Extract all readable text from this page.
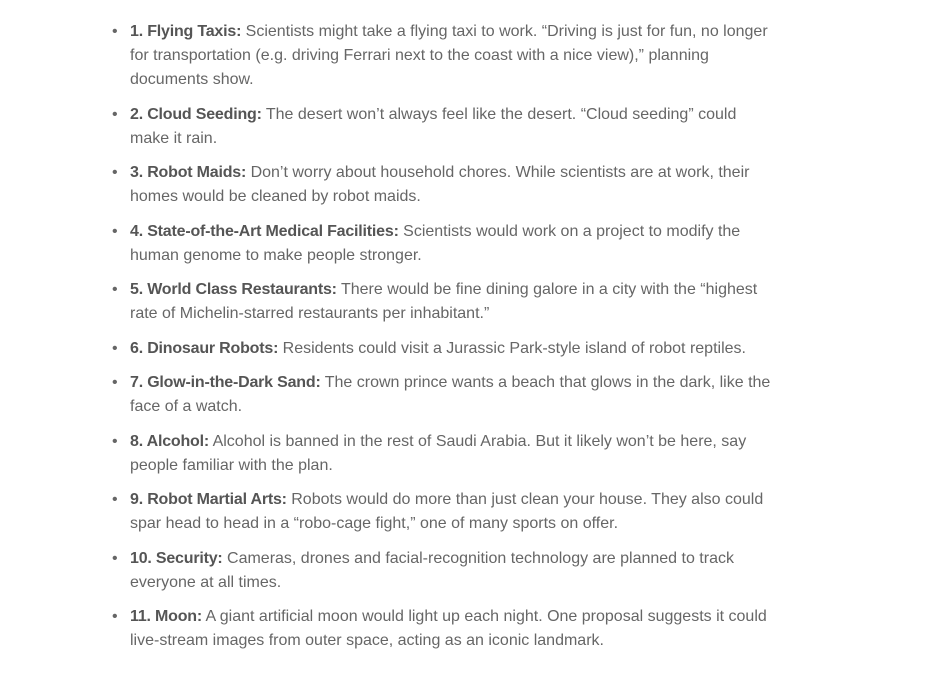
• 1. Flying Taxis: Scientists might take a flying taxi to work. “Driving is just for fun, no longer for transportation (e.g. driving Ferrari next to the coast with a nice view),” planning documents show.
• 2. Cloud Seeding: The desert won’t always feel like the desert. “Cloud seeding” could make it rain.
• 3. Robot Maids: Don’t worry about household chores. While scientists are at work, their homes would be cleaned by robot maids.
• 4. State-of-the-Art Medical Facilities: Scientists would work on a project to modify the human genome to make people stronger.
• 5. World Class Restaurants: There would be fine dining galore in a city with the “highest rate of Michelin-starred restaurants per inhabitant.”
• 6. Dinosaur Robots: Residents could visit a Jurassic Park-style island of robot reptiles.
• 7. Glow-in-the-Dark Sand: The crown prince wants a beach that glows in the dark, like the face of a watch.
• 8. Alcohol: Alcohol is banned in the rest of Saudi Arabia. But it likely won’t be here, say people familiar with the plan.
• 9. Robot Martial Arts: Robots would do more than just clean your house. They also could spar head to head in a “robo-cage fight,” one of many sports on offer.
• 10. Security: Cameras, drones and facial-recognition technology are planned to track everyone at all times.
• 11. Moon: A giant artificial moon would light up each night. One proposal suggests it could live-stream images from outer space, acting as an iconic landmark.
